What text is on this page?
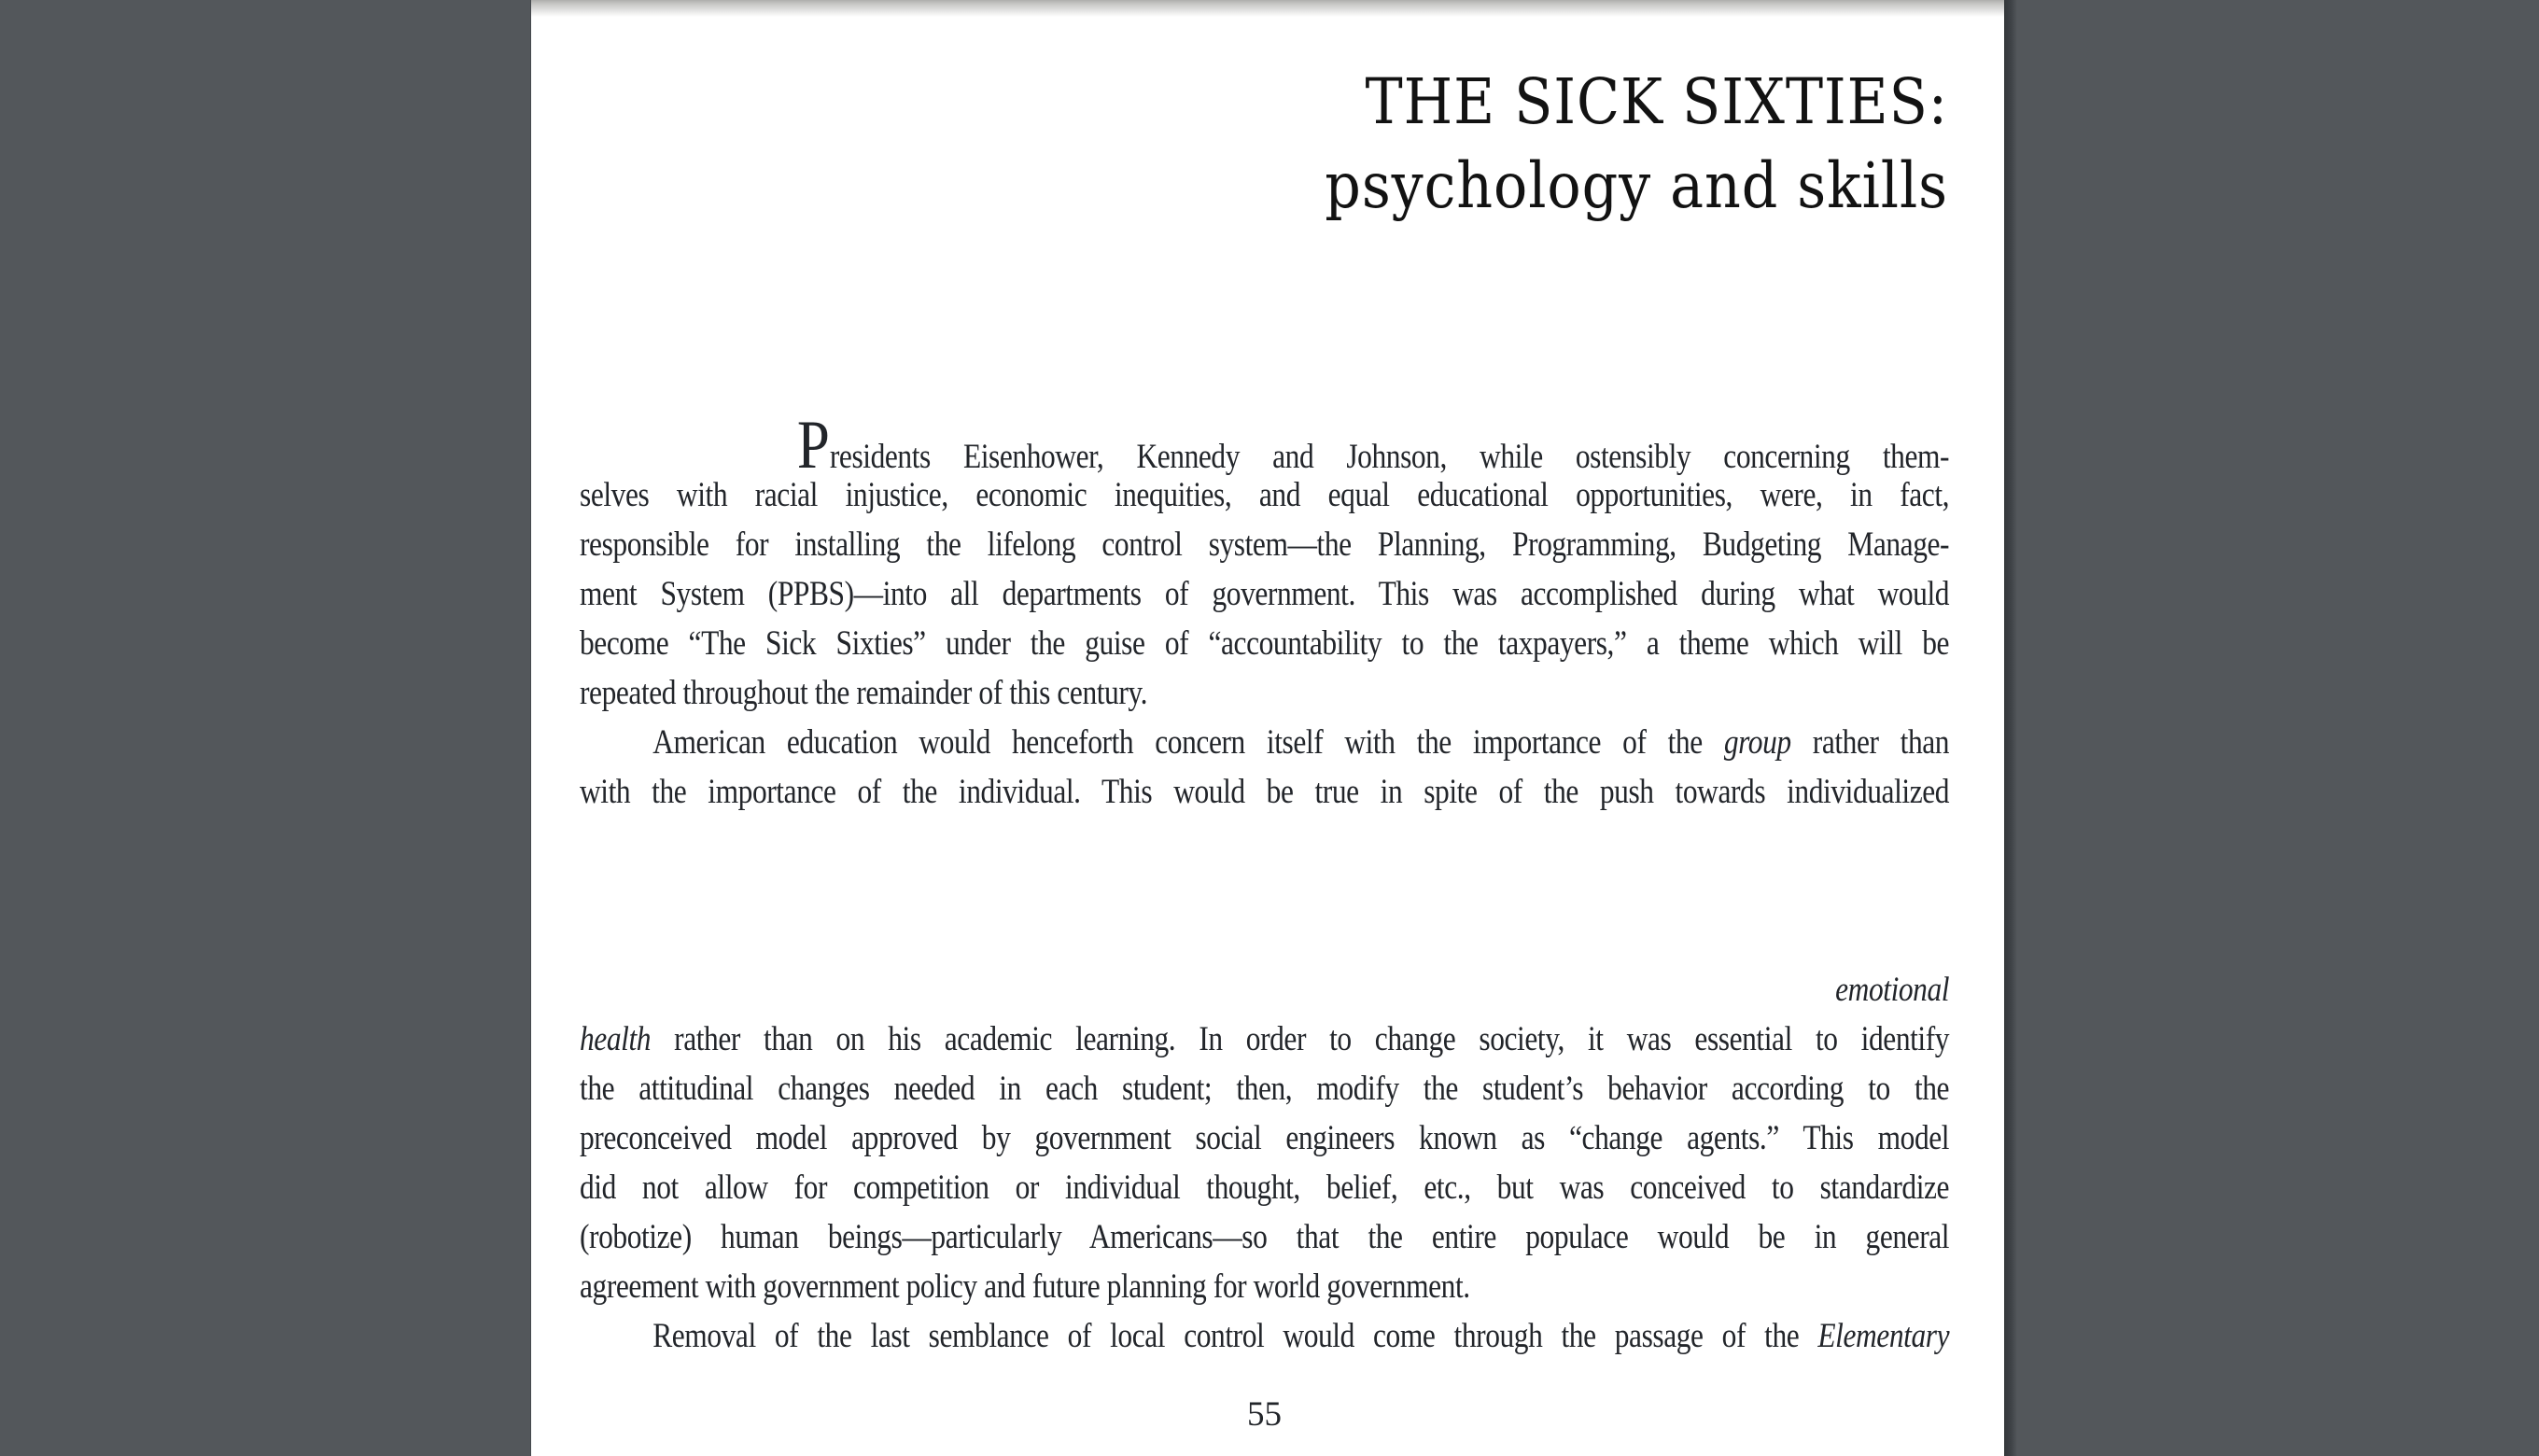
THE SICK SIXTIES:
psychology and skills
Presidents Eisenhower, Kennedy and Johnson, while ostensibly concerning them-
selves with racial injustice, economic inequities, and equal educational opportunities, were, in fact,
responsible for installing the lifelong control system—the Planning, Programming, Budgeting Manage-
ment System (PPBS)—into all departments of government. This was accomplished during what would
become “The Sick Sixties” under the guise of “accountability to the taxpayers,” a theme which will be
repeated throughout the remainder of this century.
American education would henceforth concern itself with the importance of the group rather than
with the importance of the individual. This would be true in spite of the push towards individualized
emotional
health rather than on his academic learning. In order to change society, it was essential to identify
the attitudinal changes needed in each student; then, modify the student’s behavior according to the
preconceived model approved by government social engineers known as “change agents.” This model
did not allow for competition or individual thought, belief, etc., but was conceived to standardize
(robotize) human beings—particularly Americans—so that the entire populace would be in general
agreement with government policy and future planning for world government.
Removal of the last semblance of local control would come through the passage of the Elementary
55
